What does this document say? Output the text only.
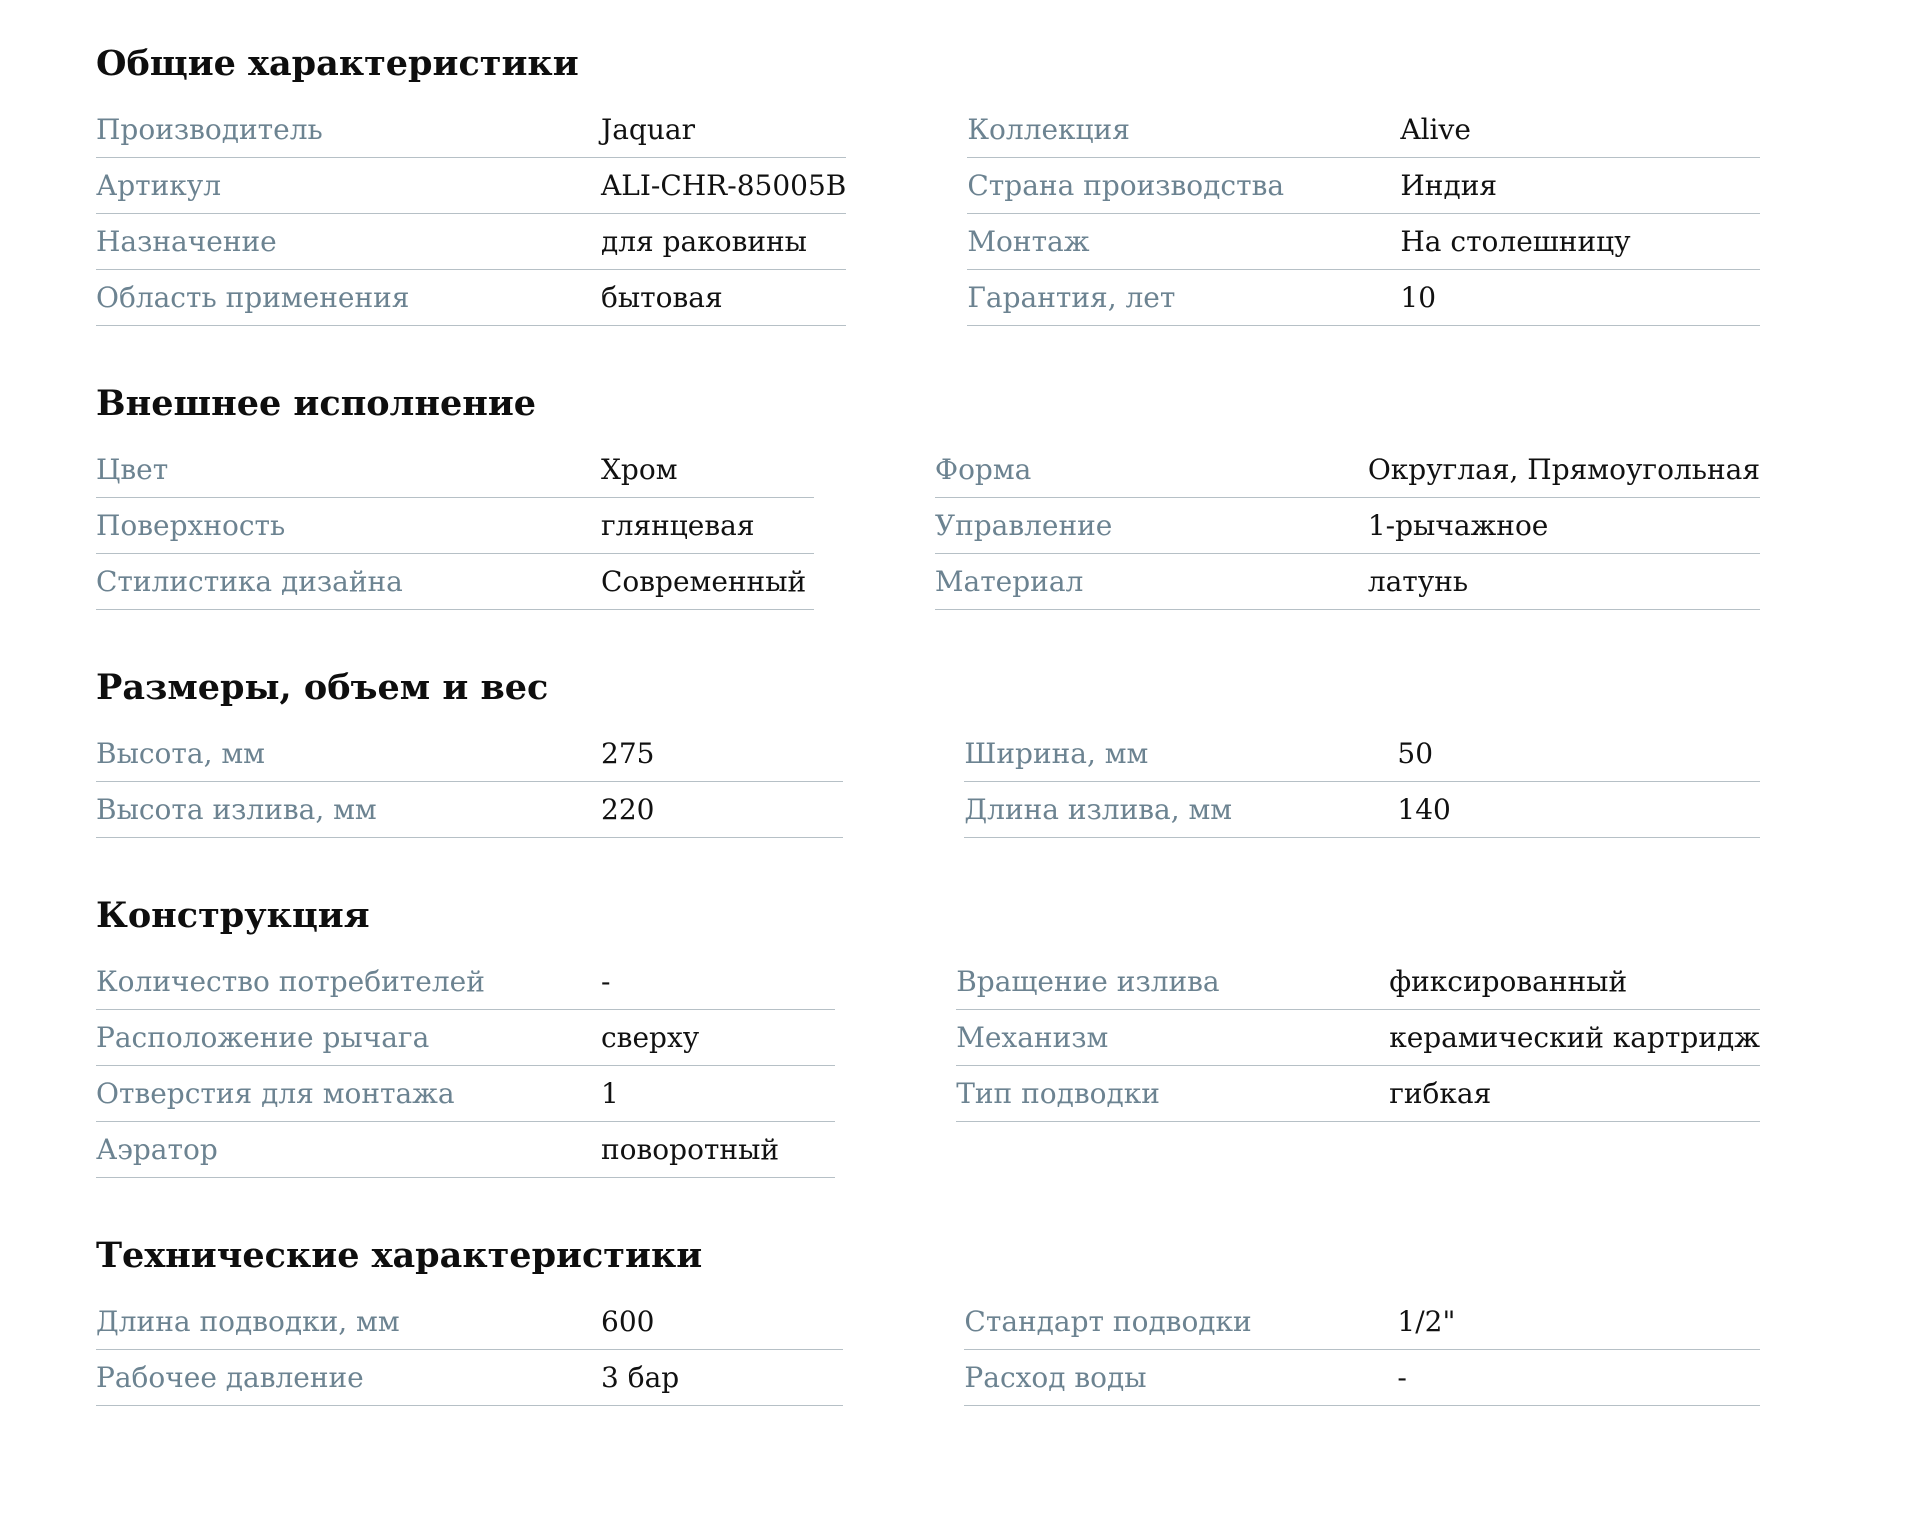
Общие характеристики
Производитель	Jaquar
Артикул	ALI-CHR-85005B
Назначение	для раковины
Область применения	бытовая
Коллекция	Alive
Страна производства	Индия
Монтаж	На столешницу
Гарантия, лет	10
Внешнее исполнение
Цвет	Хром
Поверхность	глянцевая
Стилистика дизайна	Современный
Форма	Округлая, Прямоугольная
Управление	1-рычажное
Материал	латунь
Размеры, объем и вес
Высота, мм	275
Высота излива, мм	220
Ширина, мм	50
Длина излива, мм	140
Конструкция
Количество потребителей	-
Расположение рычага	сверху
Отверстия для монтажа	1
Аэратор	поворотный
Вращение излива	фиксированный
Механизм	керамический картридж
Тип подводки	гибкая
Технические характеристики
Длина подводки, мм	600
Рабочее давление	3 бар
Стандарт подводки	1/2"
Расход воды	-
